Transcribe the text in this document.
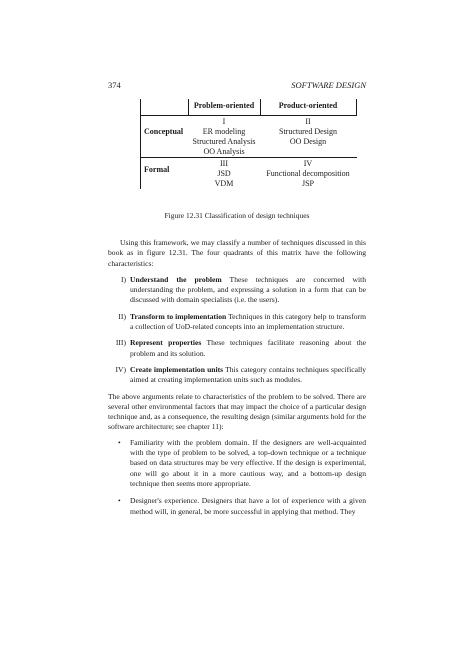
374	SOFTWARE DESIGN
Problem-oriented	Product-oriented
Conceptual
I
ER modeling
Structured Analysis
OO Analysis
II
Structured Design
OO Design
Formal
III
JSD
VDM
IV
Functional decomposition
JSP
Figure 12.31 Classification of design techniques

Using this framework, we may classify a number of techniques discussed in this book as in figure 12.31. The four quadrants of this matrix have the following characteristics:

I) Understand the problem These techniques are concerned with understanding the problem, and expressing a solution in a form that can be discussed with domain specialists (i.e. the users).
II) Transform to implementation Techniques in this category help to transform a collection of UoD-related concepts into an implementation structure.
III) Represent properties These techniques facilitate reasoning about the problem and its solution.
IV) Create implementation units This category contains techniques specifically aimed at creating implementation units such as modules.

The above arguments relate to characteristics of the problem to be solved. There are several other environmental factors that may impact the choice of a particular design technique and, as a consequence, the resulting design (similar arguments hold for the software architecture; see chapter 11):

• Familiarity with the problem domain. If the designers are well-acquainted with the type of problem to be solved, a top-down technique or a technique based on data structures may be very effective. If the design is experimental, one will go about it in a more cautious way, and a bottom-up design technique then seems more appropriate.
• Designer's experience. Designers that have a lot of experience with a given method will, in general, be more successful in applying that method. They
